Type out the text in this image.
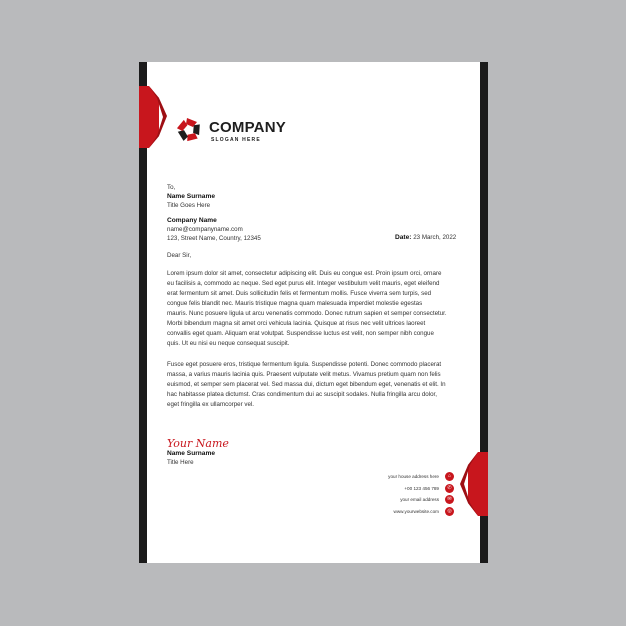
COMPANY
SLOGAN HERE
To,
Name Surname
Title Goes Here
Company Name
name@companyname.com
123, Street Name, Country, 12345	Date: 23 March, 2022
Dear Sir,
Lorem ipsum dolor sit amet, consectetur adipiscing elit. Duis eu congue est. Proin ipsum orci, ornare
eu facilisis a, commodo ac neque. Sed eget purus elit. Integer vestibulum velit mauris, eget eleifend
erat fermentum sit amet. Duis sollicitudin felis et fermentum mollis. Fusce viverra sem turpis, sed
congue felis blandit nec. Mauris tristique magna quam malesuada imperdiet molestie egestas
mauris. Nunc posuere ligula ut arcu venenatis commodo. Donec rutrum sapien et semper consectetur.
Morbi bibendum magna sit amet orci vehicula lacinia. Quisque at risus nec velit ultrices laoreet
convallis eget quam. Aliquam erat volutpat. Suspendisse luctus est velit, non semper nibh congue
quis. Ut eu nisi eu neque consequat suscipit.
Fusce eget posuere eros, tristique fermentum ligula. Suspendisse potenti. Donec commodo placerat
massa, a varius mauris lacinia quis. Praesent vulputate velit metus. Vivamus pretium quam non felis
euismod, et semper sem placerat vel. Sed massa dui, dictum eget bibendum eget, venenatis et elit. In
hac habitasse platea dictumst. Cras condimentum dui ac suscipit sodales. Nulla fringilla arcu dolor,
eget fringilla ex ullamcorper vel.
Your Name
Name Surname
Title Here
your house address here	⌂
+00 123 456 789	✆
your email address	✉
www.yourwebsite.com	◎
